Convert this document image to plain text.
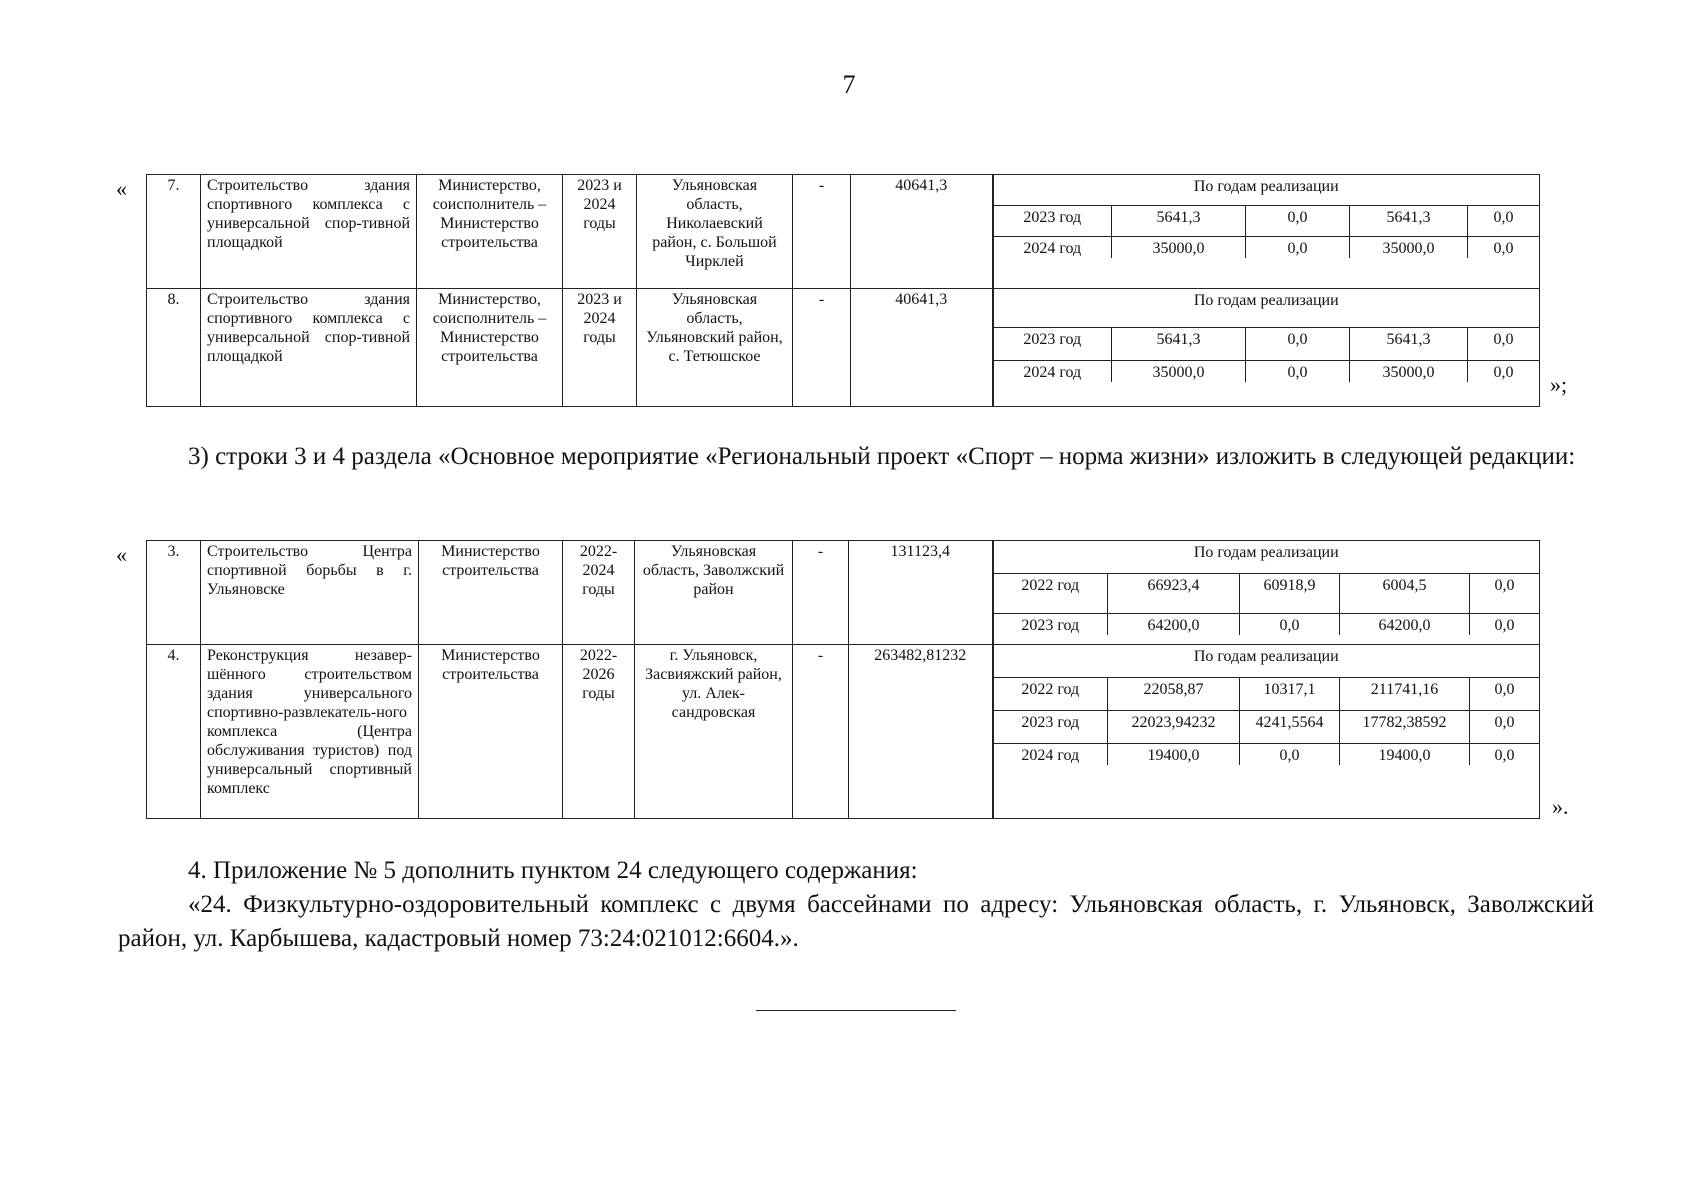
7
«	7.	Строительство здания спортивного комплекса с универсальной спор-тивной площадкой	Министерство, соисполнитель – Министерство строительства	2023 и 2024 годы	Ульяновская область, Николаевский район, с. Большой Чирклей	-	40641,3		По годам реализации
2023 год	5641,3	0,0	5641,3	0,0
2024 год	35000,0	0,0	35000,0	0,0

8.	Строительство здания спортивного комплекса с универсальной спор-тивной площадкой	Министерство, соисполнитель – Министерство строительства	2023 и 2024 годы	Ульяновская область, Ульяновский район, с. Тетюшское	-	40641,3		По годам реализации
2023 год	5641,3	0,0	5641,3	0,0
2024 год	35000,0	0,0	35000,0	0,0 »;
3) строки 3 и 4 раздела «Основное мероприятие «Региональный проект «Спорт – норма жизни» изложить в следующей редакции:
«	3.	Строительство Центра спортивной борьбы в г. Ульяновске	Министерство строительства	2022-2024 годы	Ульяновская область, Заволжский район	-	131123,4		По годам реализации
2022 год	66923,4	60918,9	6004,5	0,0
2023 год	64200,0	0,0	64200,0	0,0

4.	Реконструкция незавер-шённого строительством здания универсального спортивно-развлекатель-ного комплекса (Центра обслуживания туристов) под универсальный спортивный комплекс	Министерство строительства	2022-2026 годы	г. Ульяновск, Засвияжский район, ул. Алек-сандровская	-	263482,81232		По годам реализации
2022 год	22058,87	10317,1	211741,16	0,0
2023 год	22023,94232	4241,5564	17782,38592	0,0
2024 год	19400,0	0,0	19400,0	0,0
».
4. Приложение № 5 дополнить пунктом 24 следующего содержания:
«24. Физкультурно-оздоровительный комплекс с двумя бассейнами по адресу: Ульяновская область, г. Ульяновск, Заволжский район, ул. Карбышева, кадастровый номер 73:24:021012:6604.».
